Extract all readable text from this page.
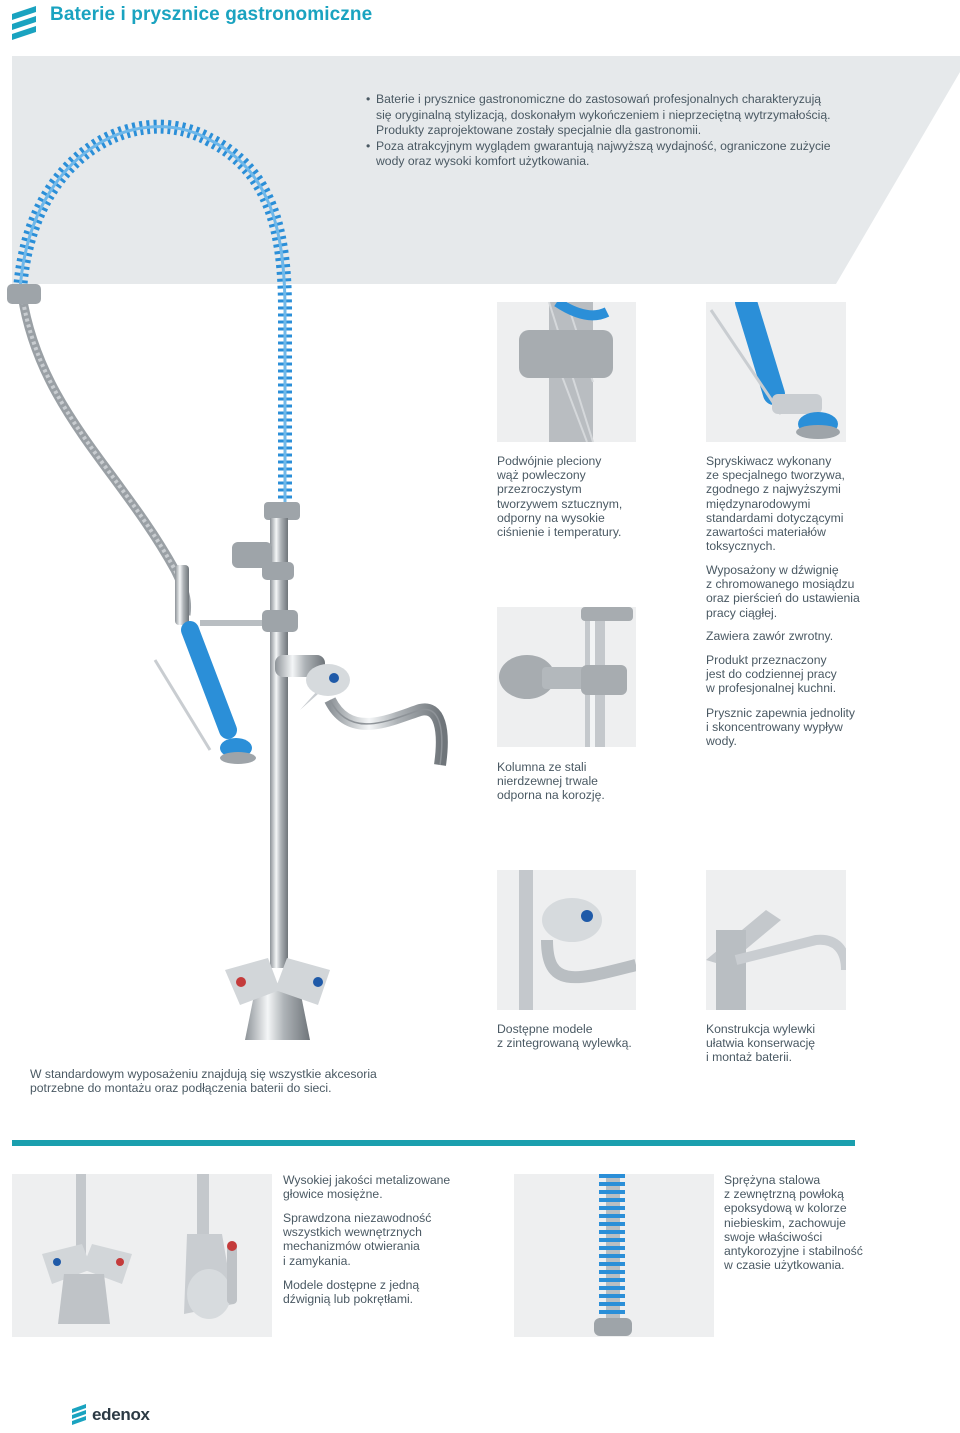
Baterie i prysznice gastronomiczne
• Baterie i prysznice gastronomiczne do zastosowań profesjonalnych charakteryzują się oryginalną stylizacją, doskonałym wykończeniem i nieprzeciętną wytrzymałością. Produkty zaprojektowane zostały specjalnie dla gastronomii.
• Poza atrakcyjnym wyglądem gwarantują najwyższą wydajność, ograniczone zużycie wody oraz wysoki komfort użytkowania.
Podwójnie pleciony
wąż powleczony
przezroczystym
tworzywem sztucznym,
odporny na wysokie
ciśnienie i temperatury.
Spryskiwacz wykonany
ze specjalnego tworzywa,
zgodnego z najwyższymi
międzynarodowymi
standardami dotyczącymi
zawartości materiałów
toksycznych.
Wyposażony w dźwignię
z chromowanego mosiądzu
oraz pierścień do ustawienia
pracy ciągłej.
Zawiera zawór zwrotny.
Produkt przeznaczony
jest do codziennej pracy
w profesjonalnej kuchni.
Prysznic zapewnia jednolity
i skoncentrowany wypływ
wody.
Kolumna ze stali
nierdzewnej trwale
odporna na korozję.
Dostępne modele
z zintegrowaną wylewką.
Konstrukcja wylewki
ułatwia konserwację
i montaż baterii.
W standardowym wyposażeniu znajdują się wszystkie akcesoria
potrzebne do montażu oraz podłączenia baterii do sieci.
Wysokiej jakości metalizowane
głowice mosiężne.
Sprawdzona niezawodność
wszystkich wewnętrznych
mechanizmów otwierania
i zamykania.
Modele dostępne z jedną
dźwignią lub pokrętłami.
Sprężyna stalowa
z zewnętrzną powłoką
epoksydową w kolorze
niebieskim, zachowuje
swoje właściwości
antykorozyjne i stabilność
w czasie użytkowania.
edenox
